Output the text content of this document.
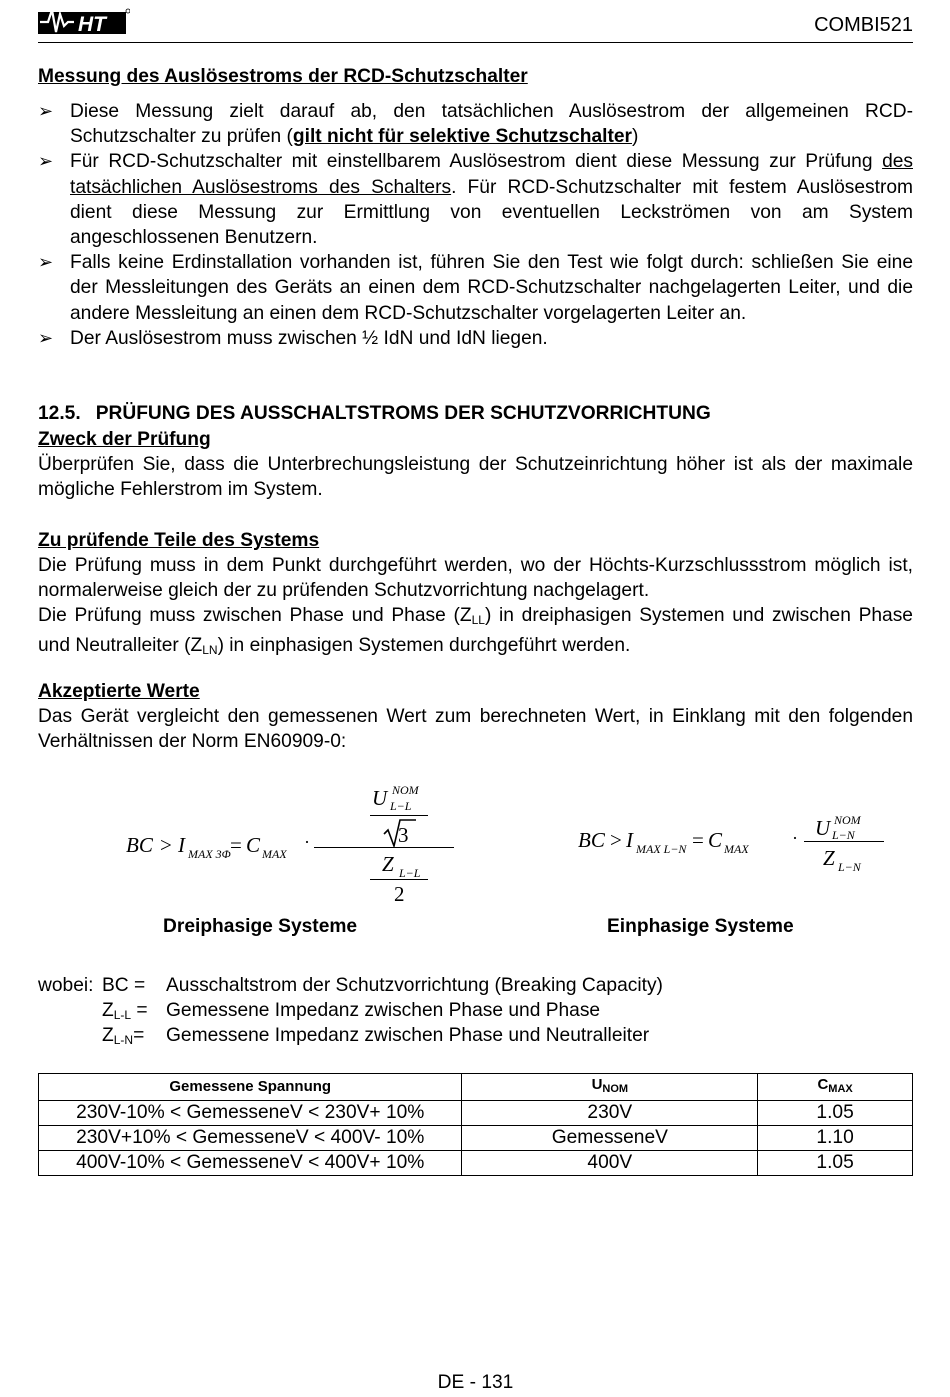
HT	COMBI521
Messung des Auslösestroms der RCD-Schutzschalter
➢ Diese Messung zielt darauf ab, den tatsächlichen Auslösestrom der allgemeinen RCD-Schutzschalter zu prüfen (gilt nicht für selektive Schutzschalter)
➢ Für RCD-Schutzschalter mit einstellbarem Auslösestrom dient diese Messung zur Prüfung des tatsächlichen Auslösestroms des Schalters. Für RCD-Schutzschalter mit festem Auslösestrom dient diese Messung zur Ermittlung von eventuellen Leckströmen von am System angeschlossenen Benutzern.
➢ Falls keine Erdinstallation vorhanden ist, führen Sie den Test wie folgt durch: schließen Sie eine der Messleitungen des Geräts an einen dem RCD-Schutzschalter nachgelagerten Leiter, und die andere Messleitung an einen dem RCD-Schutzschalter vorgelagerten Leiter an.
➢ Der Auslösestrom muss zwischen ½ IdN und IdN liegen.
12.5. PRÜFUNG DES AUSSCHALTSTROMS DER SCHUTZVORRICHTUNG
Zweck der Prüfung
Überprüfen Sie, dass die Unterbrechungsleistung der Schutzeinrichtung höher ist als der maximale mögliche Fehlerstrom im System.
Zu prüfende Teile des Systems
Die Prüfung muss in dem Punkt durchgeführt werden, wo der Höchts-Kurzschlussstrom möglich ist, normalerweise gleich der zu prüfenden Schutzvorrichtung nachgelagert.
Die Prüfung muss zwischen Phase und Phase $(Z_{LL})$ in dreiphasigen Systemen und zwischen Phase und Neutralleiter $(Z_{LN})$ in einphasigen Systemen durchgeführt werden.
Akzeptierte Werte
Das Gerät vergleicht den gemessenen Wert zum berechneten Wert, in Einklang mit den folgenden Verhältnissen der Norm EN60909-0:
BC > I MAX 3Φ = C MAX
·
U NOM
L−L
3
Z L−L
2
BC > I MAX L−N = C MAX
· U NOM
L−N
Z L−N
Dreiphasige Systeme	Einphasige Systeme
wobei: BC = Ausschaltstrom der Schutzvorrichtung (Breaking Capacity)
$Z_{L-L}$ = Gemessene Impedanz zwischen Phase und Phase
$Z_{L-N}=$ Gemessene Impedanz zwischen Phase und Neutralleiter
Gemessene Spannung	$U_{NOM}$	$C_{MAX}$
230V-10% < GemesseneV < 230V+ 10%	230V	1.05
230V+10% < GemesseneV < 400V- 10%	GemesseneV	1.10
400V-10% < GemesseneV < 400V+ 10%	400V	1.05
DE - 131
